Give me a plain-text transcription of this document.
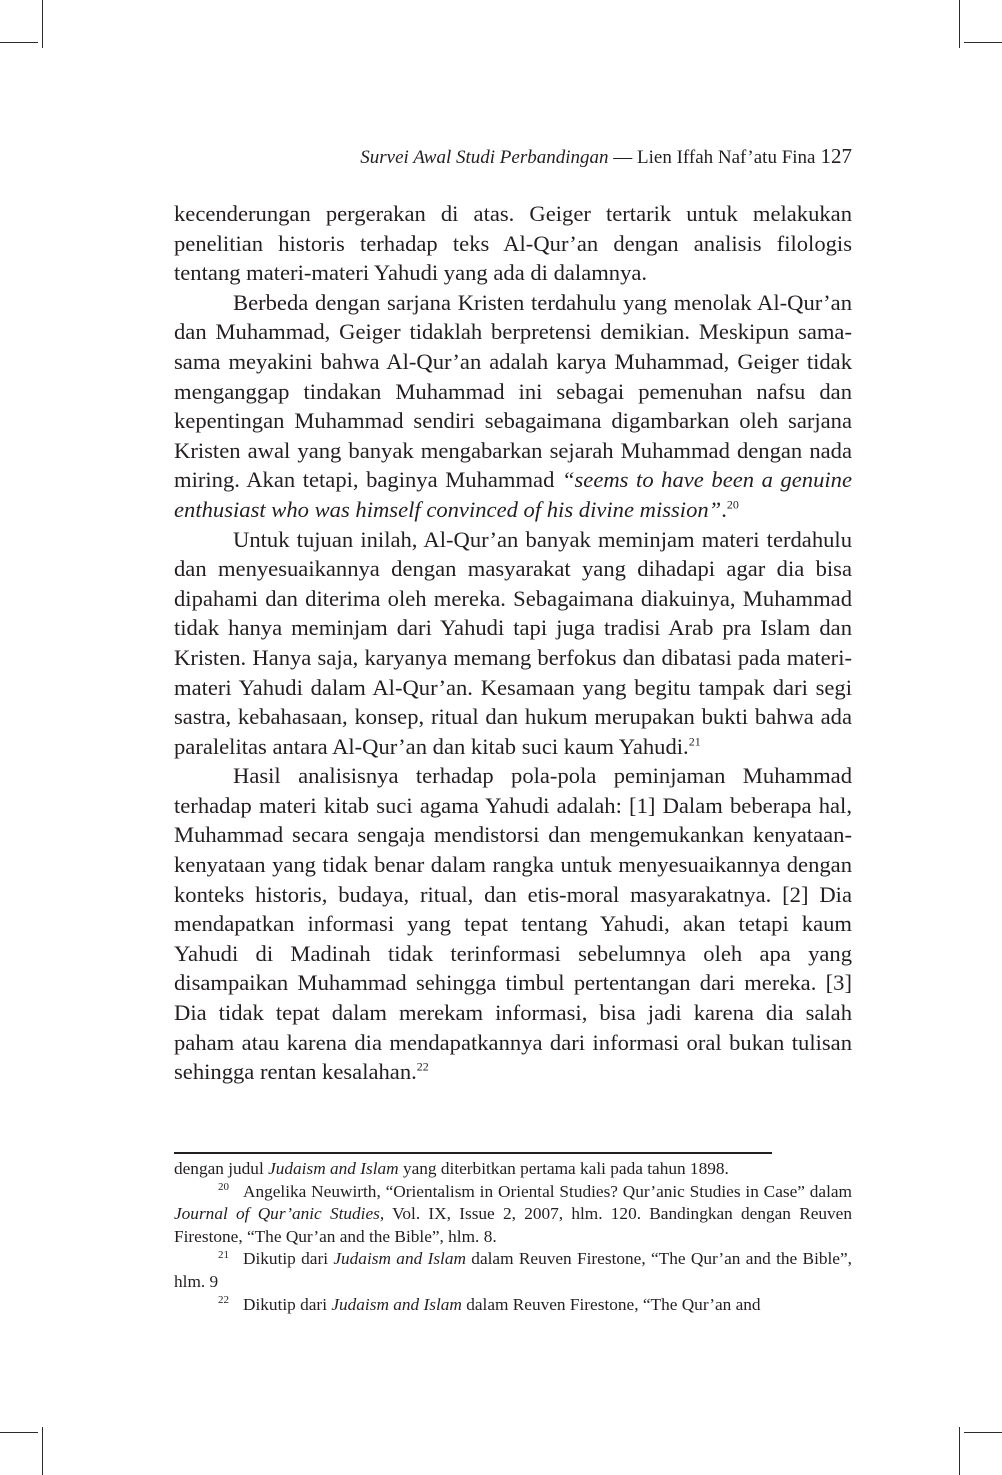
Survei Awal Studi Perbandingan — Lien Iffah Naf’atu Fina 127

kecenderungan pergerakan di atas. Geiger tertarik untuk melakukan penelitian historis terhadap teks Al-Qur’an dengan analisis filologis tentang materi-materi Yahudi yang ada di dalamnya.

Berbeda dengan sarjana Kristen terdahulu yang menolak Al-Qur’an dan Muhammad, Geiger tidaklah berpretensi demikian. Meskipun sama-sama meyakini bahwa Al-Qur’an adalah karya Muhammad, Geiger tidak menganggap tindakan Muhammad ini sebagai pemenuhan nafsu dan kepentingan Muhammad sendiri sebagaimana digambarkan oleh sarjana Kristen awal yang banyak mengabarkan sejarah Muhammad dengan nada miring. Akan tetapi, baginya Muhammad “seems to have been a genuine enthusiast who was himself convinced of his divine mission”.$^{20}$

Untuk tujuan inilah, Al-Qur’an banyak meminjam materi terdahulu dan menyesuaikannya dengan masyarakat yang dihadapi agar dia bisa dipahami dan diterima oleh mereka. Sebagaimana diakuinya, Muhammad tidak hanya meminjam dari Yahudi tapi juga tradisi Arab pra Islam dan Kristen. Hanya saja, karyanya memang berfokus dan dibatasi pada materi-materi Yahudi dalam Al-Qur’an. Kesamaan yang begitu tampak dari segi sastra, kebahasaan, konsep, ritual dan hukum merupakan bukti bahwa ada paralelitas antara Al-Qur’an dan kitab suci kaum Yahudi.$^{21}$

Hasil analisisnya terhadap pola-pola peminjaman Muhammad terhadap materi kitab suci agama Yahudi adalah: [1] Dalam beberapa hal, Muhammad secara sengaja mendistorsi dan mengemukankan kenyataan-kenyataan yang tidak benar dalam rangka untuk menyesuaikannya dengan konteks historis, budaya, ritual, dan etis-moral masyarakatnya. [2] Dia mendapatkan informasi yang tepat tentang Yahudi, akan tetapi kaum Yahudi di Madinah tidak terinformasi sebelumnya oleh apa yang disampaikan Muhammad sehingga timbul pertentangan dari mereka. [3] Dia tidak tepat dalam merekam informasi, bisa jadi karena dia salah paham atau karena dia mendapatkannya dari informasi oral bukan tulisan sehingga rentan kesalahan.$^{22}$

dengan judul Judaism and Islam yang diterbitkan pertama kali pada tahun 1898.

$^{20}$ Angelika Neuwirth, “Orientalism in Oriental Studies? Qur’anic Studies in Case” dalam Journal of Qur’anic Studies, Vol. IX, Issue 2, 2007, hlm. 120. Bandingkan dengan Reuven Firestone, “The Qur’an and the Bible”, hlm. 8.

$^{21}$ Dikutip dari Judaism and Islam dalam Reuven Firestone, “The Qur’an and the Bible”, hlm. 9

$^{22}$ Dikutip dari Judaism and Islam dalam Reuven Firestone, “The Qur’an and
